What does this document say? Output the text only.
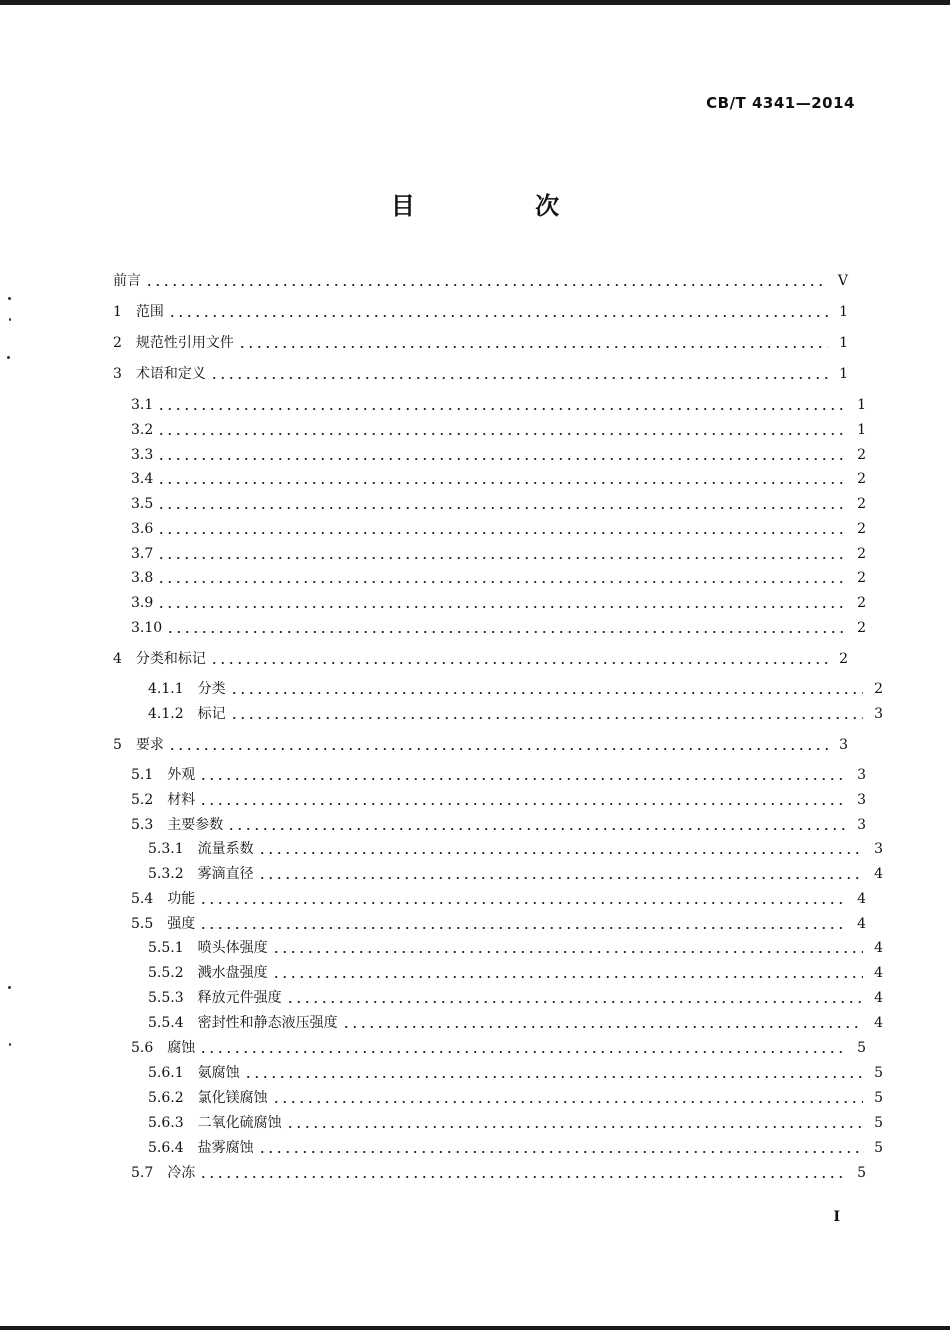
CB/T 4341—2014
目 次
前言	V
1 范围	1
2 规范性引用文件	1
3 术语和定义	1
3.1	1
3.2	1
3.3	2
3.4	2
3.5	2
3.6	2
3.7	2
3.8	2
3.9	2
3.10	2
4 分类和标记	2
4.1.1 分类	2
4.1.2 标记	3
5 要求	3
5.1 外观	3
5.2 材料	3
5.3 主要参数	3
5.3.1 流量系数	3
5.3.2 雾滴直径	4
5.4 功能	4
5.5 强度	4
5.5.1 喷头体强度	4
5.5.2 溅水盘强度	4
5.5.3 释放元件强度	4
5.5.4 密封性和静态液压强度	4
5.6 腐蚀	5
5.6.1 氨腐蚀	5
5.6.2 氯化镁腐蚀	5
5.6.3 二氧化硫腐蚀	5
5.6.4 盐雾腐蚀	5
5.7 冷冻	5
I
